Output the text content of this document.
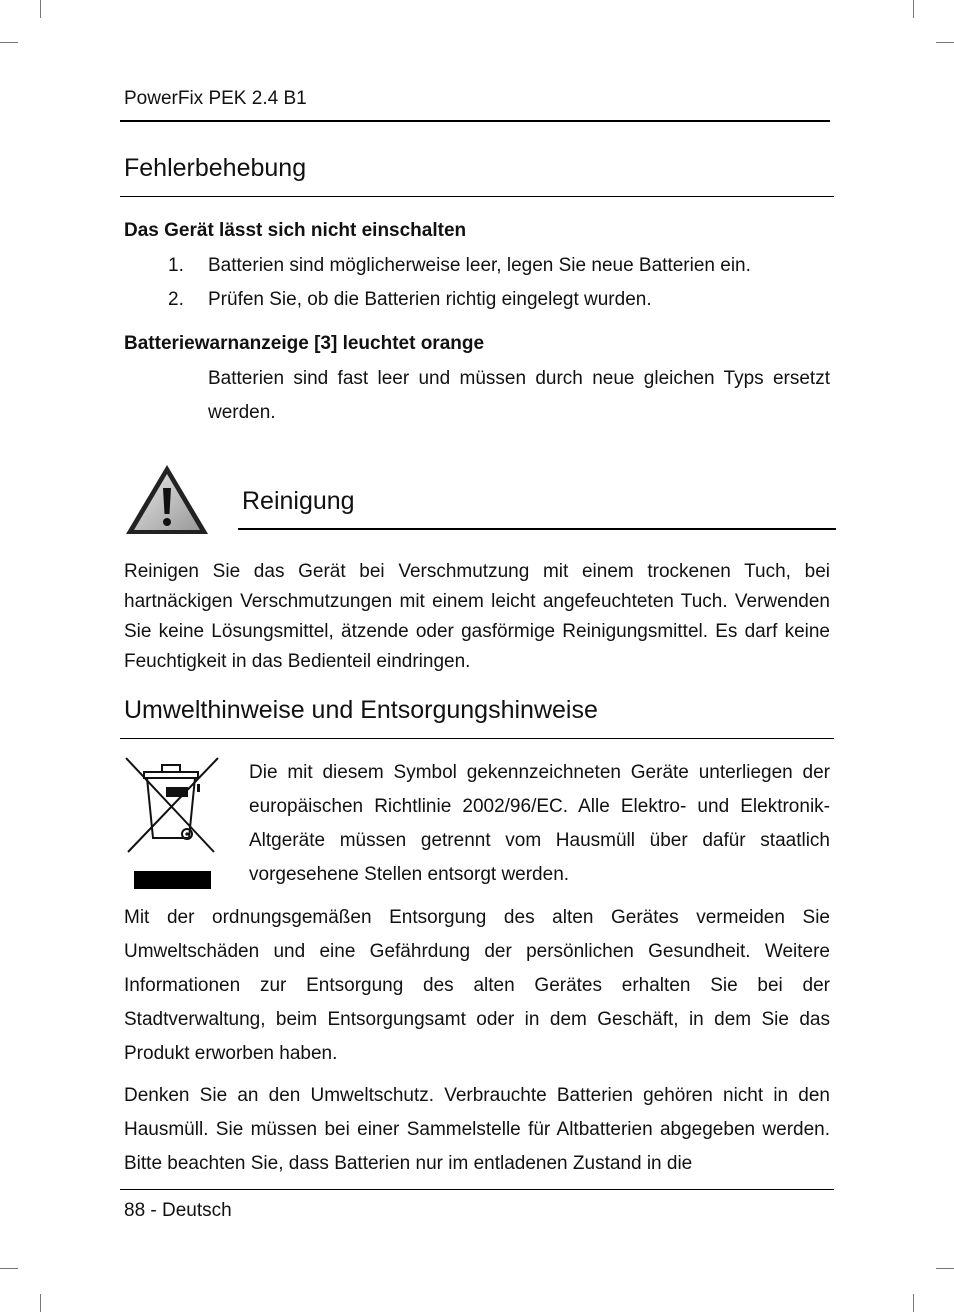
PowerFix PEK 2.4 B1
Fehlerbehebung
Das Gerät lässt sich nicht einschalten
1. Batterien sind möglicherweise leer, legen Sie neue Batterien ein.
2. Prüfen Sie, ob die Batterien richtig eingelegt wurden.
Batteriewarnanzeige [3] leuchtet orange
Batterien sind fast leer und müssen durch neue gleichen Typs ersetzt werden.
Reinigung
Reinigen Sie das Gerät bei Verschmutzung mit einem trockenen Tuch, bei hartnäckigen Verschmutzungen mit einem leicht angefeuchteten Tuch. Verwenden Sie keine Lösungsmittel, ätzende oder gasförmige Reinigungsmittel. Es darf keine Feuchtigkeit in das Bedienteil eindringen.
Umwelthinweise und Entsorgungshinweise
Die mit diesem Symbol gekennzeichneten Geräte unterliegen der europäischen Richtlinie 2002/96/EC. Alle Elektro- und Elektronik-Altgeräte müssen getrennt vom Hausmüll über dafür staatlich vorgesehene Stellen entsorgt werden.
Mit der ordnungsgemäßen Entsorgung des alten Gerätes vermeiden Sie Umweltschäden und eine Gefährdung der persönlichen Gesundheit. Weitere Informationen zur Entsorgung des alten Gerätes erhalten Sie bei der Stadtverwaltung, beim Entsorgungsamt oder in dem Geschäft, in dem Sie das Produkt erworben haben.
Denken Sie an den Umweltschutz. Verbrauchte Batterien gehören nicht in den Hausmüll. Sie müssen bei einer Sammelstelle für Altbatterien abgegeben werden. Bitte beachten Sie, dass Batterien nur im entladenen Zustand in die
88 - Deutsch
